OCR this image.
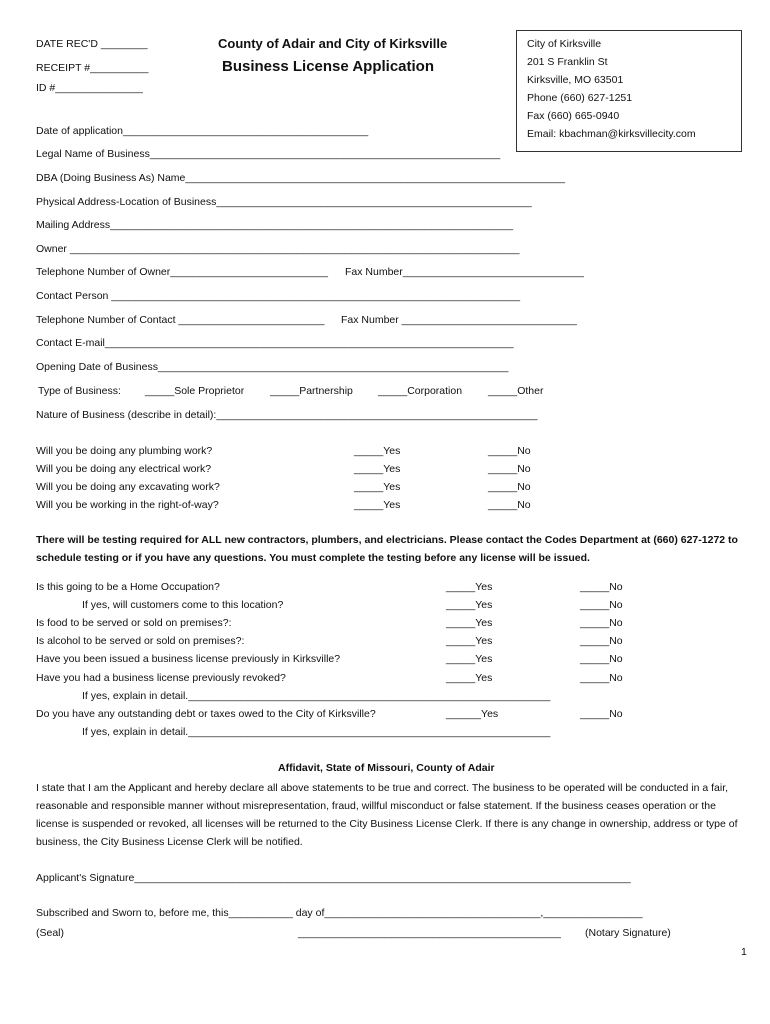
DATE REC'D ________
RECEIPT #__________
ID #_______________
County of Adair and City of Kirksville
Business License Application
City of Kirksville
201 S Franklin St
Kirksville, MO 63501
Phone (660) 627-1251
Fax (660) 665-0940
Email: kbachman@kirksvillecity.com
Date of application__________________________________________
Legal Name of Business____________________________________________________________
DBA (Doing Business As) Name_________________________________________________________________
Physical Address-Location of Business______________________________________________________
Mailing Address_____________________________________________________________________
Owner _____________________________________________________________________________
Telephone Number of Owner___________________________ Fax Number_______________________________
Contact Person ______________________________________________________________________
Telephone Number of Contact _________________________ Fax Number ______________________________
Contact E-mail______________________________________________________________________
Opening Date of Business____________________________________________________________
Type of Business: _____Sole Proprietor _____Partnership _____Corporation _____Other
Nature of Business (describe in detail):_______________________________________________________
Will you be doing any plumbing work?	_____Yes	_____No
Will you be doing any electrical work?	_____Yes	_____No
Will you be doing any excavating work?	_____Yes	_____No
Will you be working in the right-of-way?	_____Yes	_____No
There will be testing required for ALL new contractors, plumbers, and electricians. Please contact the Codes Department at (660) 627-1272 to schedule testing or if you have any questions. You must complete the testing before any license will be issued.
Is this going to be a Home Occupation?	_____Yes	_____No
If yes, will customers come to this location?	_____Yes	_____No
Is food to be served or sold on premises?:	_____Yes	_____No
Is alcohol to be served or sold on premises?:	_____Yes	_____No
Have you been issued a business license previously in Kirksville?	_____Yes	_____No
Have you had a business license previously revoked?	_____Yes	_____No
If yes, explain in detail.______________________________________________________________
Do you have any outstanding debt or taxes owed to the City of Kirksville?	______Yes	_____No
If yes, explain in detail.______________________________________________________________
Affidavit, State of Missouri, County of Adair
I state that I am the Applicant and hereby declare all above statements to be true and correct. The business to be operated will be conducted in a fair, reasonable and responsible manner without misrepresentation, fraud, willful misconduct or false statement. If the business ceases operation or the license is suspended or revoked, all licenses will be returned to the City Business License Clerk. If there is any change in ownership, address or type of business, the City Business License Clerk will be notified.
Applicant's Signature_____________________________________________________________________________________
Subscribed and Sworn to, before me, this___________ day of_____________________________________,_________________
(Seal)	_____________________________________________ (Notary Signature)
1
